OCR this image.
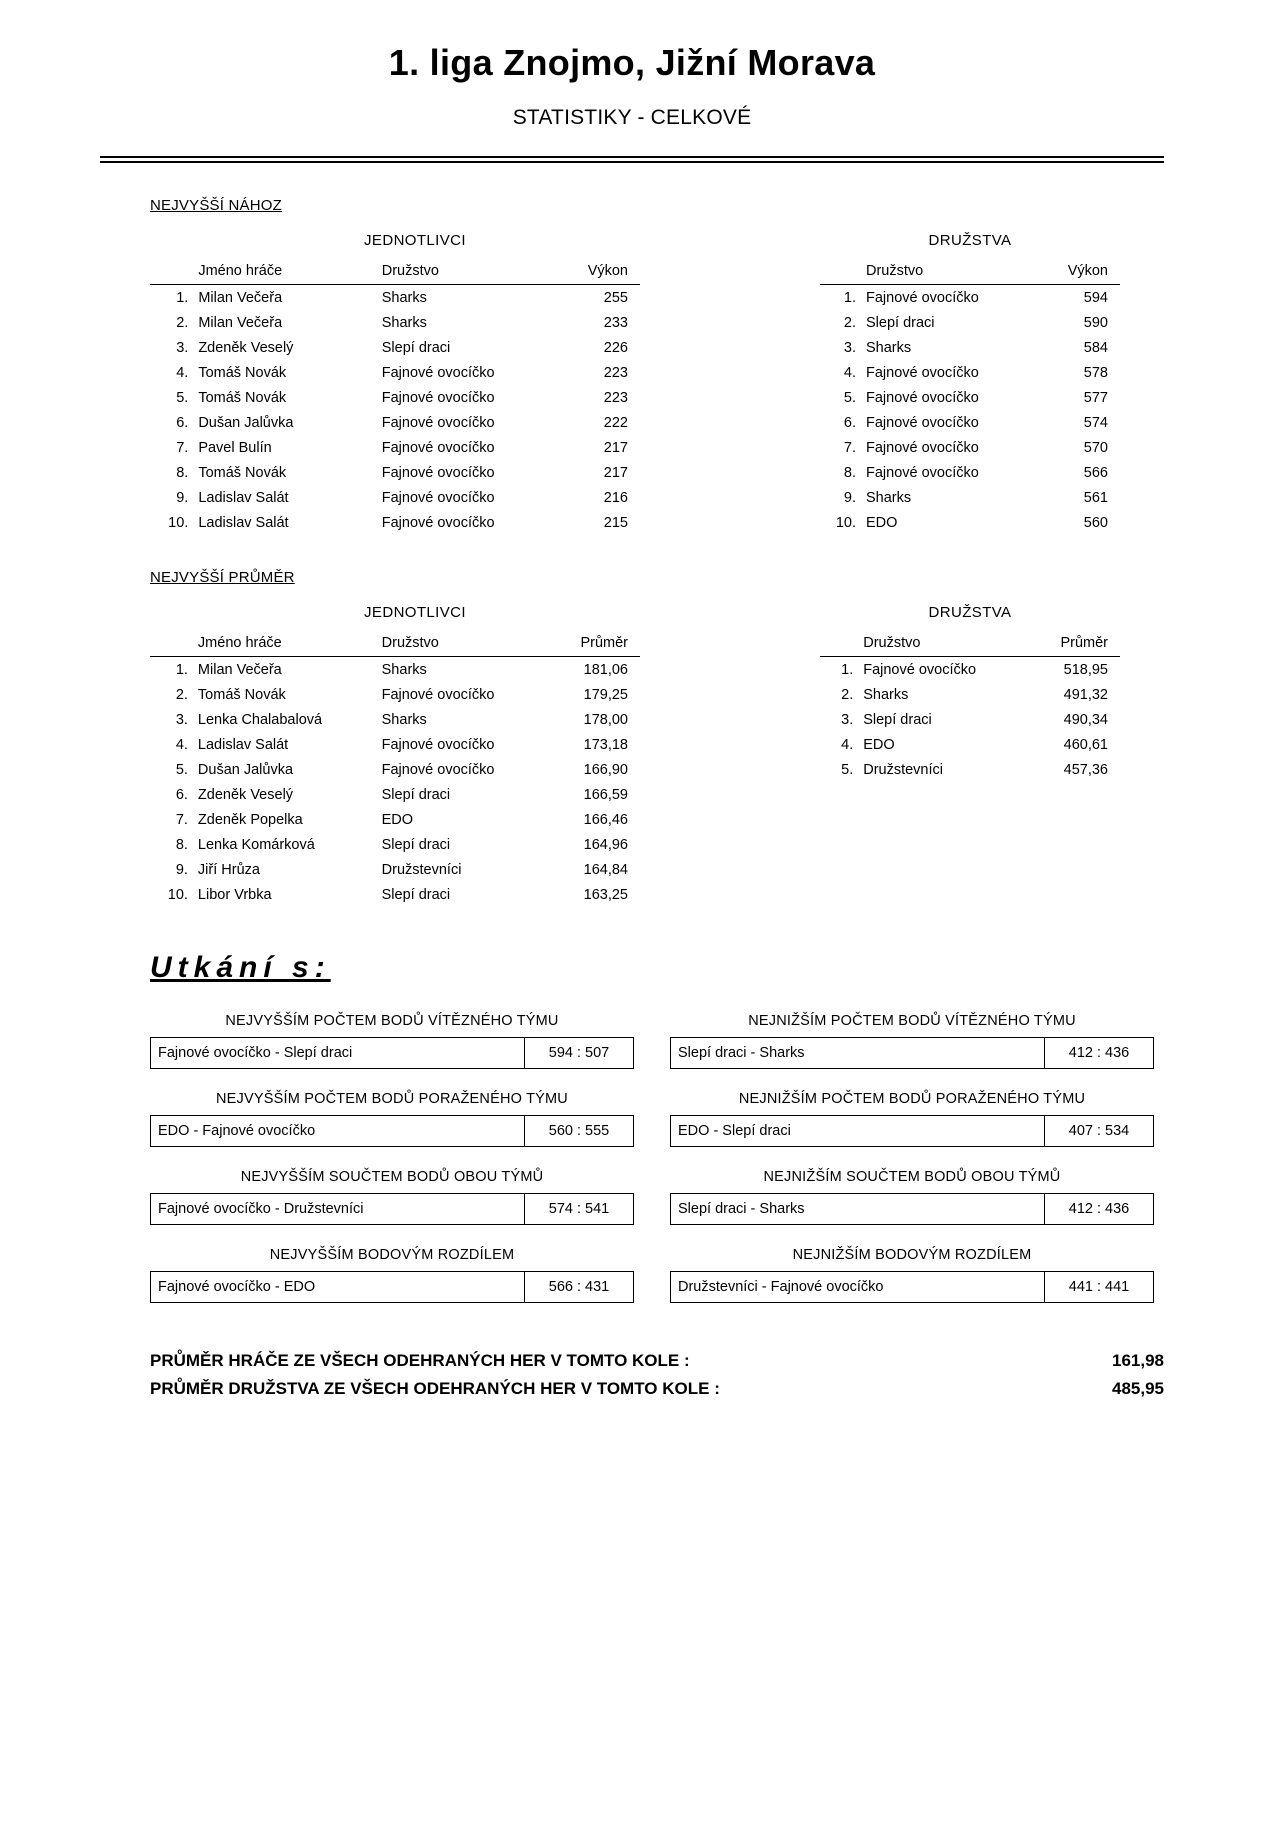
1. liga Znojmo, Jižní Morava
STATISTIKY - CELKOVÉ
NEJVYŠŠÍ NÁHOZ
JEDNOTLIVCI
	Jméno hráče	Družstvo	Výkon
1.	Milan Večeřa	Sharks	255
2.	Milan Večeřa	Sharks	233
3.	Zdeněk Veselý	Slepí draci	226
4.	Tomáš Novák	Fajnové ovocíčko	223
5.	Tomáš Novák	Fajnové ovocíčko	223
6.	Dušan Jalůvka	Fajnové ovocíčko	222
7.	Pavel Bulín	Fajnové ovocíčko	217
8.	Tomáš Novák	Fajnové ovocíčko	217
9.	Ladislav Salát	Fajnové ovocíčko	216
10.	Ladislav Salát	Fajnové ovocíčko	215
DRUŽSTVA
	Družstvo	Výkon
1.	Fajnové ovocíčko	594
2.	Slepí draci	590
3.	Sharks	584
4.	Fajnové ovocíčko	578
5.	Fajnové ovocíčko	577
6.	Fajnové ovocíčko	574
7.	Fajnové ovocíčko	570
8.	Fajnové ovocíčko	566
9.	Sharks	561
10.	EDO	560
NEJVYŠŠÍ PRŮMĚR
JEDNOTLIVCI
	Jméno hráče	Družstvo	Průměr
1.	Milan Večeřa	Sharks	181,06
2.	Tomáš Novák	Fajnové ovocíčko	179,25
3.	Lenka Chalabalová	Sharks	178,00
4.	Ladislav Salát	Fajnové ovocíčko	173,18
5.	Dušan Jalůvka	Fajnové ovocíčko	166,90
6.	Zdeněk Veselý	Slepí draci	166,59
7.	Zdeněk Popelka	EDO	166,46
8.	Lenka Komárková	Slepí draci	164,96
9.	Jiří Hrůza	Družstevníci	164,84
10.	Libor Vrbka	Slepí draci	163,25
DRUŽSTVA
	Družstvo	Průměr
1.	Fajnové ovocíčko	518,95
2.	Sharks	491,32
3.	Slepí draci	490,34
4.	EDO	460,61
5.	Družstevníci	457,36
Utkání s:
NEJVYŠŠÍM POČTEM BODŮ VÍTĚZNÉHO TÝMU
Fajnové ovocíčko - Slepí draci	594 : 507
NEJNIŽŠÍM POČTEM BODŮ VÍTĚZNÉHO TÝMU
Slepí draci - Sharks	412 : 436
NEJVYŠŠÍM POČTEM BODŮ PORAŽENÉHO TÝMU
EDO - Fajnové ovocíčko	560 : 555
NEJNIŽŠÍM POČTEM BODŮ PORAŽENÉHO TÝMU
EDO - Slepí draci	407 : 534
NEJVYŠŠÍM SOUČTEM BODŮ OBOU TÝMŮ
Fajnové ovocíčko - Družstevníci	574 : 541
NEJNIŽŠÍM SOUČTEM BODŮ OBOU TÝMŮ
Slepí draci - Sharks	412 : 436
NEJVYŠŠÍM BODOVÝM ROZDÍLEM
Fajnové ovocíčko - EDO	566 : 431
NEJNIŽŠÍM BODOVÝM ROZDÍLEM
Družstevníci - Fajnové ovocíčko	441 : 441
PRŮMĚR HRÁČE ZE VŠECH ODEHRANÝCH HER V TOMTO KOLE :	161,98
PRŮMĚR DRUŽSTVA ZE VŠECH ODEHRANÝCH HER V TOMTO KOLE :	485,95
